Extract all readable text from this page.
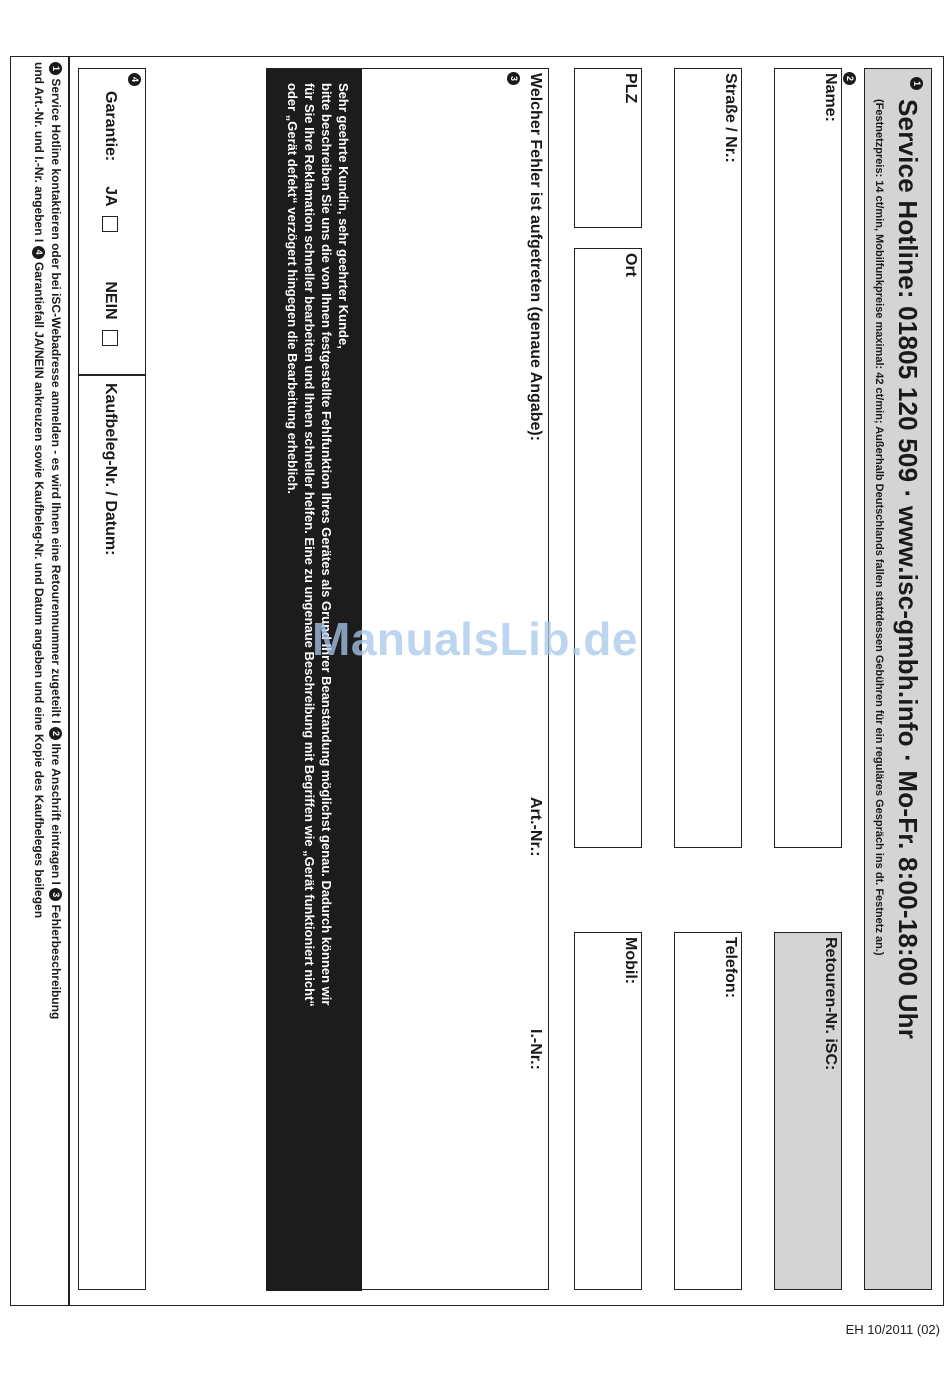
1
Service Hotline: 01805 120 509 · www.isc-gmbh.info · Mo-Fr. 8:00-18:00 Uhr
(Festnetzpreis: 14 ct/min, Mobilfunkpreise maximal: 42 ct/min; Außerhalb Deutschlands fallen stattdessen Gebühren für ein reguläres Gespräch ins dt. Festnetz an.)
2
Name:
Retouren-Nr. iSC:
Straße / Nr.:
Telefon:
PLZ
Ort
Mobil:
Welcher Fehler ist aufgetreten (genaue Angabe):
Art.-Nr.:
I.-Nr.:
Sehr geehrte Kundin, sehr geehrter Kunde,
bitte beschreiben Sie uns die von Ihnen festgestellte Fehlfunktion Ihres Gerätes als Grund Ihrer Beanstandung möglichst genau. Dadurch können wir
für Sie Ihre Reklamation schneller bearbeiten und Ihnen schneller helfen. Eine zu ungenaue Beschreibung mit Begriffen wie „Gerät funktioniert nicht“
oder „Gerät defekt“ verzögert hingegen die Bearbeitung erheblich.
3
4
Garantie:  JA   NEIN
Kaufbeleg-Nr. / Datum:
1 Service Hotline kontaktieren oder bei iSC-Webadresse anmelden - es wird Ihnen eine Retourennummer zugeteilt I 2 Ihre Anschrift eintragen I 3 Fehlerbeschreibung
und Art.-Nr. und I.-Nr. angeben I 4 Garantiefall JA/NEIN ankreuzen sowie Kaufbeleg-Nr. und Datum angeben und eine Kopie des Kaufbeleges beilegen	ManualsLib.de
EH 10/2011 (02)
